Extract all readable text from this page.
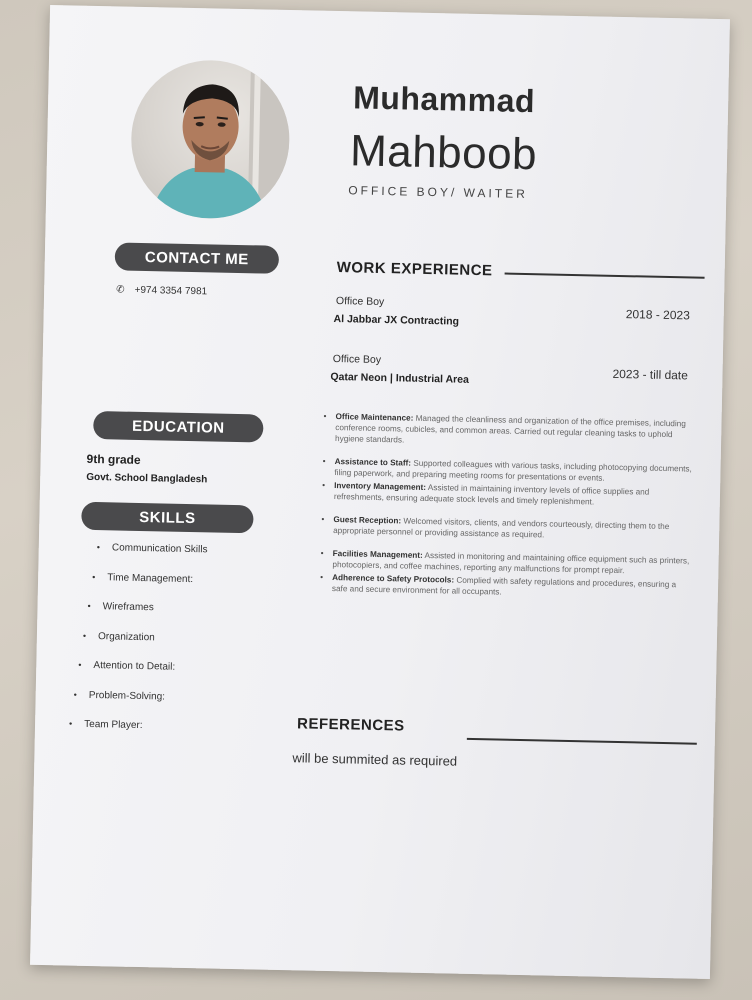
Muhammad
Mahboob
OFFICE BOY/ WAITER
CONTACT ME
✆ +974 3354 7981
EDUCATION
9th grade
Govt. School Bangladesh
SKILLS
• Communication Skills
• Time Management:
• Wireframes
• Organization
• Attention to Detail:
• Problem-Solving:
• Team Player:
WORK EXPERIENCE
Office Boy
Al Jabbar JX Contracting	2018 - 2023
Office Boy
Qatar Neon | Industrial Area	2023 - till date
• Office Maintenance: Managed the cleanliness and organization of the office premises, including conference rooms, cubicles, and common areas. Carried out regular cleaning tasks to uphold hygiene standards.
• Assistance to Staff: Supported colleagues with various tasks, including photocopying documents, filing paperwork, and preparing meeting rooms for presentations or events.
• Inventory Management: Assisted in maintaining inventory levels of office supplies and refreshments, ensuring adequate stock levels and timely replenishment.
• Guest Reception: Welcomed visitors, clients, and vendors courteously, directing them to the appropriate personnel or providing assistance as required.
• Facilities Management: Assisted in monitoring and maintaining office equipment such as printers, photocopiers, and coffee machines, reporting any malfunctions for prompt repair.
• Adherence to Safety Protocols: Complied with safety regulations and procedures, ensuring a safe and secure environment for all occupants.
REFERENCES
will be summited as required
